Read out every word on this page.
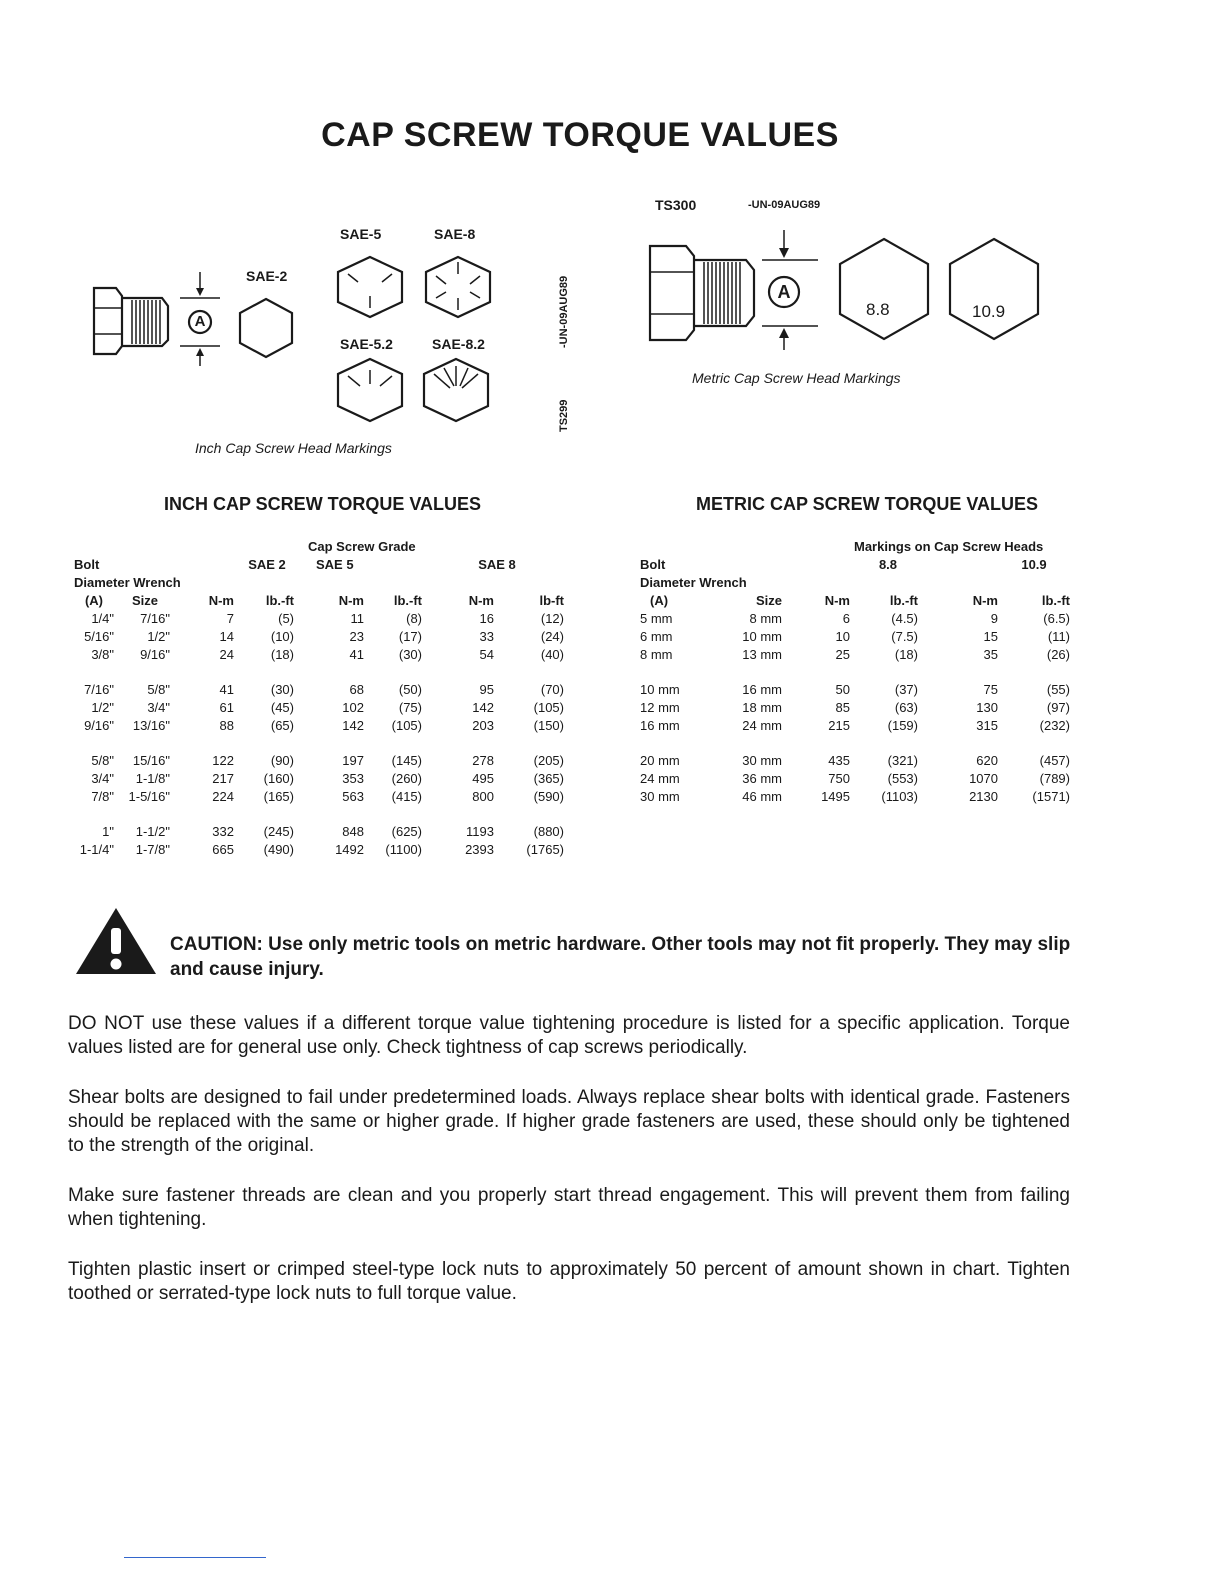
CAP SCREW TORQUE VALUES
A
SAE-2
SAE-5	SAE-8
SAE-5.2	SAE-8.2
Inch Cap Screw Head Markings
-UN-09AUG89
TS299
TS300	-UN-09AUG89
A
8.8	10.9
Metric Cap Screw Head Markings
INCH CAP SCREW TORQUE VALUES
				Cap Screw Grade			
Bolt			SAE 2	SAE 5		SAE 8	
Diameter Wrench							
(A)	Size	N-m	lb.-ft	N-m	lb.-ft	N-m	lb-ft
1/4"	7/16"	7	(5)	11	(8)	16	(12)
5/16"	1/2"	14	(10)	23	(17)	33	(24)
3/8"	9/16"	24	(18)	41	(30)	54	(40)

7/16"	5/8"	41	(30)	68	(50)	95	(70)
1/2"	3/4"	61	(45)	102	(75)	142	(105)
9/16"	13/16"	88	(65)	142	(105)	203	(150)

5/8"	15/16"	122	(90)	197	(145)	278	(205)
3/4"	1-1/8"	217	(160)	353	(260)	495	(365)
7/8"	1-5/16"	224	(165)	563	(415)	800	(590)

1"	1-1/2"	332	(245)	848	(625)	1193	(880)
1-1/4"	1-7/8"	665	(490)	1492	(1100)	2393	(1765)
METRIC CAP SCREW TORQUE VALUES
			Markings on Cap Screw Heads		
Bolt			8.8		10.9
Diameter Wrench					
(A)	Size	N-m	lb.-ft	N-m	lb.-ft
5 mm	8 mm	6	(4.5)	9	(6.5)
6 mm	10 mm	10	(7.5)	15	(11)
8 mm	13 mm	25	(18)	35	(26)

10 mm	16 mm	50	(37)	75	(55)
12 mm	18 mm	85	(63)	130	(97)
16 mm	24 mm	215	(159)	315	(232)

20 mm	30 mm	435	(321)	620	(457)
24 mm	36 mm	750	(553)	1070	(789)
30 mm	46 mm	1495	(1103)	2130	(1571)
CAUTION: Use only metric tools on metric hardware. Other tools may not fit properly. They may slip and cause injury.
DO NOT use these values if a different torque value tightening procedure is listed for a specific application. Torque values listed are for general use only. Check tightness of cap screws periodically.
Shear bolts are designed to fail under predetermined loads. Always replace shear bolts with identical grade. Fasteners should be replaced with the same or higher grade. If higher grade fasteners are used, these should only be tightened to the strength of the original.
Make sure fastener threads are clean and you properly start thread engagement. This will prevent them from failing when tightening.
Tighten plastic insert or crimped steel-type lock nuts to approximately 50 percent of amount shown in chart. Tighten toothed or serrated-type lock nuts to full torque value.
